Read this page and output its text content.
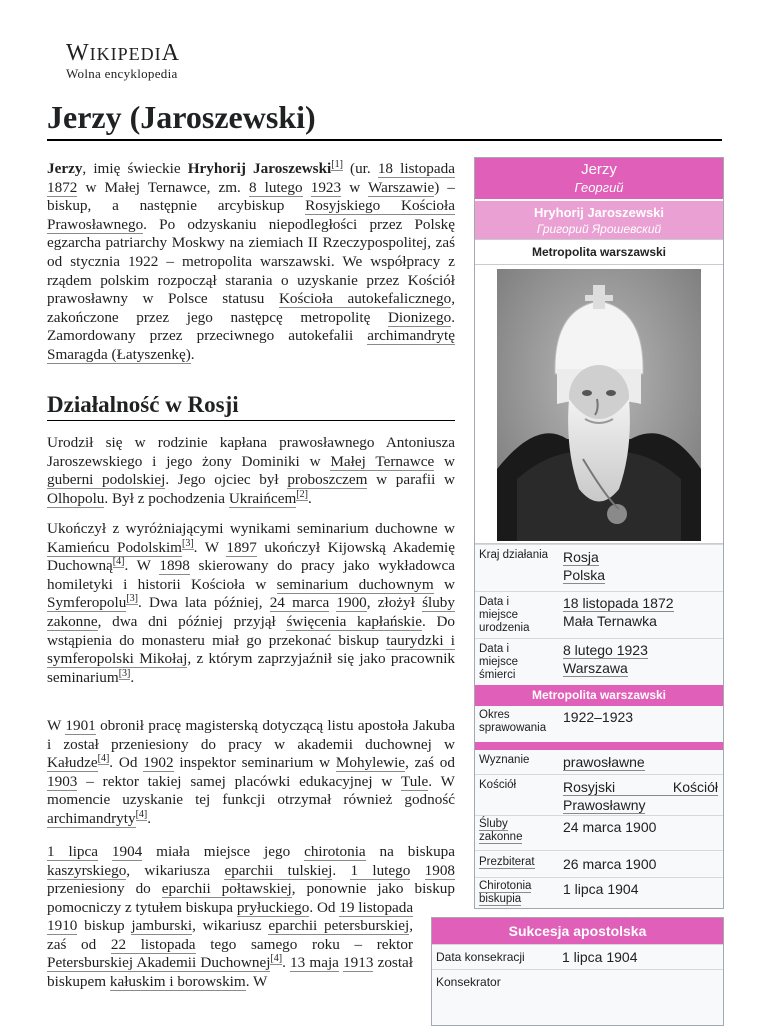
WIKIPEDIA
Wolna encyklopedia
Jerzy (Jaroszewski)

Jerzy, imię świeckie Hryhorij Jaroszewski[1] (ur. 18 listopada 1872 w Małej Ternawce, zm. 8 lutego 1923 w Warszawie) – biskup, a następnie arcybiskup Rosyjskiego Kościoła Prawosławnego. Po odzyskaniu niepodległości przez Polskę egzarcha patriarchy Moskwy na ziemiach II Rzeczypospolitej, zaś od stycznia 1922 – metropolita warszawski. We współpracy z rządem polskim rozpoczął starania o uzyskanie przez Kościół prawosławny w Polsce statusu Kościoła autokefalicznego, zakończone przez jego następcę metropolitę Dionizego. Zamordowany przez przeciwnego autokefalii archimandrytę Smaragda (Łatyszenkę).

Działalność w Rosji

Urodził się w rodzinie kapłana prawosławnego Antoniusza Jaroszewskiego i jego żony Dominiki w Małej Ternawce w guberni podolskiej. Jego ojciec był proboszczem w parafii w Olhopolu. Był z pochodzenia Ukraińcem[2].

Ukończył z wyróżniającymi wynikami seminarium duchowne w Kamieńcu Podolskim[3]. W 1897 ukończył Kijowską Akademię Duchowną[4]. W 1898 skierowany do pracy jako wykładowca homiletyki i historii Kościoła w seminarium duchownym w Symferopolu[3]. Dwa lata później, 24 marca 1900, złożył śluby zakonne, dwa dni później przyjął święcenia kapłańskie. Do wstąpienia do monasteru miał go przekonać biskup taurydzki i symferopolski Mikołaj, z którym zaprzyjaźnił się jako pracownik seminarium[3].

W 1901 obronił pracę magisterską dotyczącą listu apostoła Jakuba i został przeniesiony do pracy w akademii duchownej w Kałudze[4]. Od 1902 inspektor seminarium w Mohylewie, zaś od 1903 – rektor takiej samej placówki edukacyjnej w Tule. W momencie uzyskanie tej funkcji otrzymał również godność archimandryty[4].

1 lipca 1904 miała miejsce jego chirotonia na biskupa kaszyrskiego, wikariusza eparchii tulskiej. 1 lutego 1908 przeniesiony do eparchii połtawskiej, ponownie jako biskup pomocniczy z tytułem biskupa pryłuckiego. Od 19 listopada

1910 biskup jamburski, wikariusz eparchii petersburskiej, zaś od 22 listopada tego samego roku – rektor Petersburskiej Akademii Duchownej[4]. 13 maja 1913 został biskupem kałuskim i borowskim. W

Jerzy
Георгий
Hryhorij Jaroszewski
Григорий Ярошевский
Metropolita warszawski
Kraj działania Rosja
Polska
Data i miejsce urodzenia
18 listopada 1872
Mała Ternawka
Data i miejsce śmierci
8 lutego 1923
Warszawa
Metropolita warszawski
Okres sprawowania
1922–1923
Wyznanie prawosławne
Kościół	Rosyjski Kościół Prawosławny
Śluby zakonne
24 marca 1900
Prezbiterat 26 marca 1900
Chirotonia biskupia
1 lipca 1904
Sukcesja apostolska
Data konsekracji	1 lipca 1904
Konsekrator
